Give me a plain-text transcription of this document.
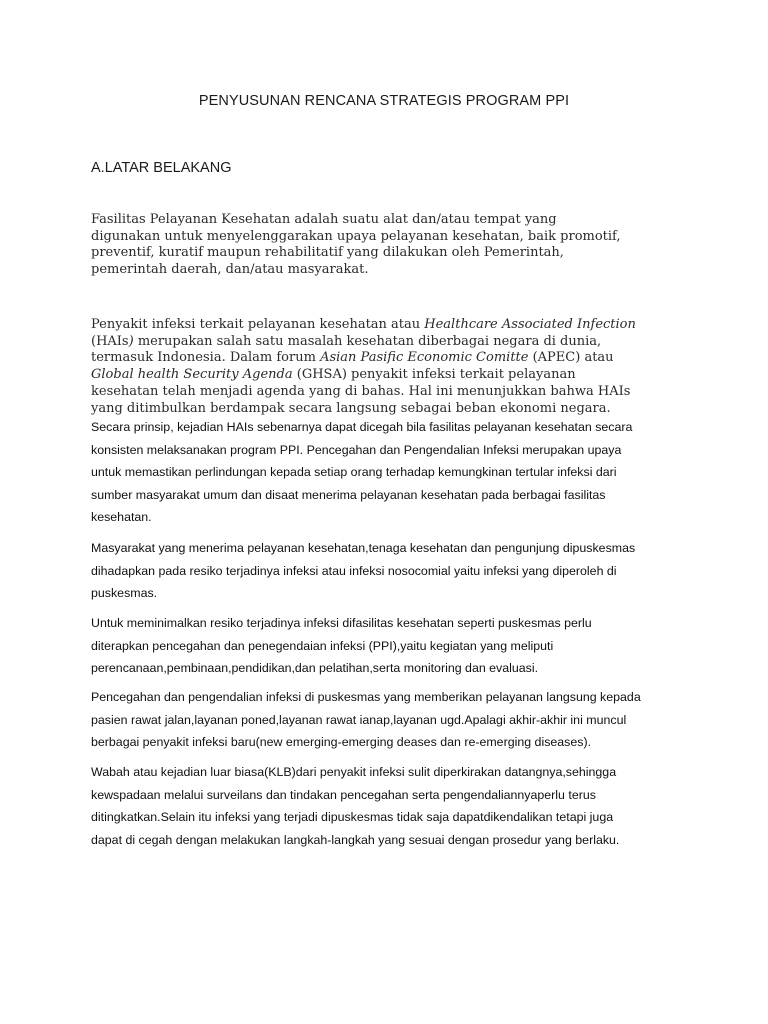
PENYUSUNAN RENCANA STRATEGIS PROGRAM PPI
A.LATAR BELAKANG

Fasilitas Pelayanan Kesehatan adalah suatu alat dan/atau tempat yang
digunakan untuk menyelenggarakan upaya pelayanan kesehatan, baik promotif,
preventif, kuratif maupun rehabilitatif yang dilakukan oleh Pemerintah,
pemerintah daerah, dan/atau masyarakat.

Penyakit infeksi terkait pelayanan kesehatan atau Healthcare Associated Infection
(HAIs) merupakan salah satu masalah kesehatan diberbagai negara di dunia,
termasuk Indonesia. Dalam forum Asian Pasific Economic Comitte (APEC) atau
Global health Security Agenda (GHSA) penyakit infeksi terkait pelayanan
kesehatan telah menjadi agenda yang di bahas. Hal ini menunjukkan bahwa HAIs
yang ditimbulkan berdampak secara langsung sebagai beban ekonomi negara.

Secara prinsip, kejadian HAIs sebenarnya dapat dicegah bila fasilitas pelayanan kesehatan secara
konsisten melaksanakan program PPI. Pencegahan dan Pengendalian Infeksi merupakan upaya
untuk memastikan perlindungan kepada setiap orang terhadap kemungkinan tertular infeksi dari
sumber masyarakat umum dan disaat menerima pelayanan kesehatan pada berbagai fasilitas
kesehatan.

Masyarakat yang menerima pelayanan kesehatan,tenaga kesehatan dan pengunjung dipuskesmas
dihadapkan pada resiko terjadinya infeksi atau infeksi nosocomial yaitu infeksi yang diperoleh di
puskesmas.

Untuk meminimalkan resiko terjadinya infeksi difasilitas kesehatan seperti puskesmas perlu
diterapkan pencegahan dan penegendaian infeksi (PPI),yaitu kegiatan yang meliputi
perencanaan,pembinaan,pendidikan,dan pelatihan,serta monitoring dan evaluasi.

Pencegahan dan pengendalian infeksi di puskesmas yang memberikan pelayanan langsung kepada
pasien rawat jalan,layanan poned,layanan rawat ianap,layanan ugd.Apalagi akhir-akhir ini muncul
berbagai penyakit infeksi baru(new emerging-emerging deases dan re-emerging diseases).

Wabah atau kejadian luar biasa(KLB)dari penyakit infeksi sulit diperkirakan datangnya,sehingga
kewspadaan melalui surveilans dan tindakan pencegahan serta pengendaliannyaperlu terus
ditingkatkan.Selain itu infeksi yang terjadi dipuskesmas tidak saja dapatdikendalikan tetapi juga
dapat di cegah dengan melakukan langkah-langkah yang sesuai dengan prosedur yang berlaku.
